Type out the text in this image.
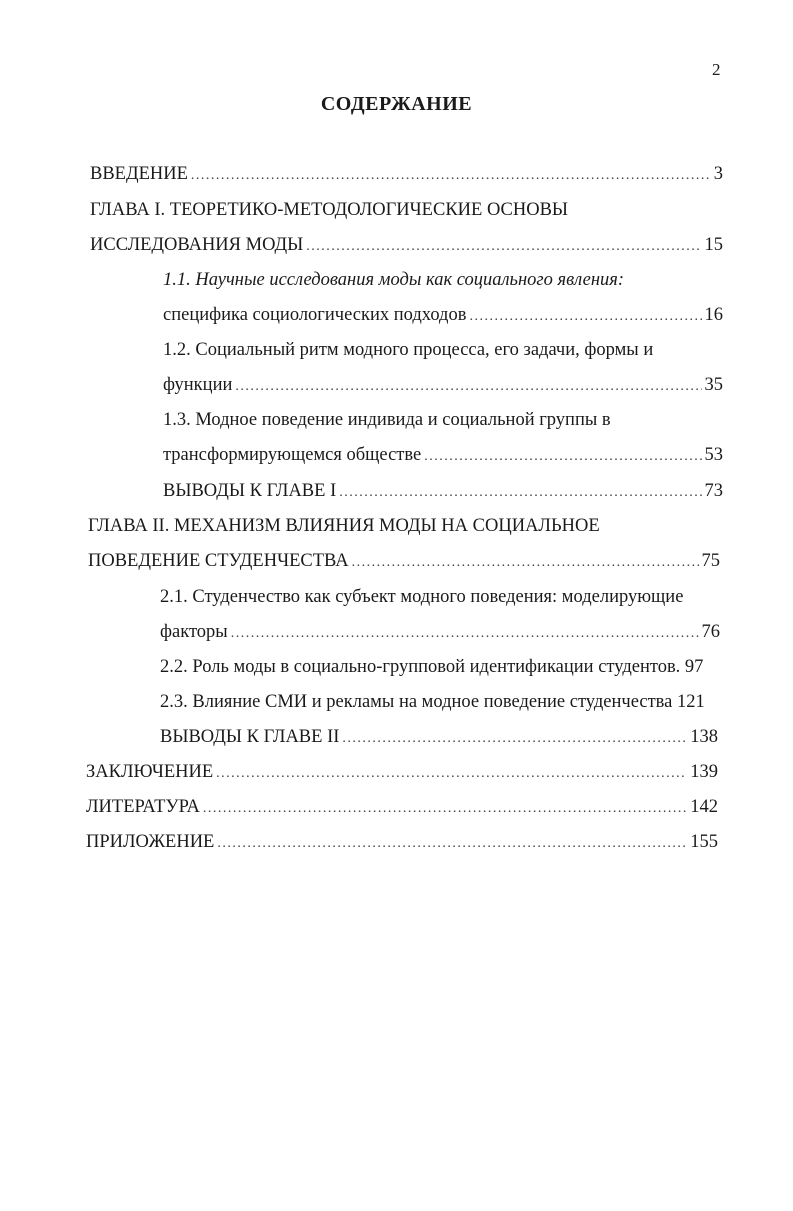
2
СОДЕРЖАНИЕ
ВВЕДЕНИЕ .....	3
ГЛАВА I. ТЕОРЕТИКО-МЕТОДОЛОГИЧЕСКИЕ ОСНОВЫ
ИССЛЕДОВАНИЯ МОДЫ .....	15
1.1. Научные исследования моды как социального явления:
специфика социологических подходов .....	16
1.2. Социальный ритм модного процесса, его задачи, формы и
функции .....	35
1.3. Модное поведение индивида и социальной группы в
трансформирующемся обществе .....	53
ВЫВОДЫ К ГЛАВЕ I .....	73
ГЛАВА II. МЕХАНИЗМ ВЛИЯНИЯ МОДЫ НА СОЦИАЛЬНОЕ
ПОВЕДЕНИЕ СТУДЕНЧЕСТВА .....	75
2.1. Студенчество как субъект модного поведения: моделирующие
факторы .....	76
2.2. Роль моды в социально-групповой идентификации студентов. 97
2.3. Влияние СМИ и рекламы на модное поведение студенчества 121
ВЫВОДЫ К ГЛАВЕ II .....	138
ЗАКЛЮЧЕНИЕ .....	139
ЛИТЕРАТУРА .....	142
ПРИЛОЖЕНИЕ .....	155
